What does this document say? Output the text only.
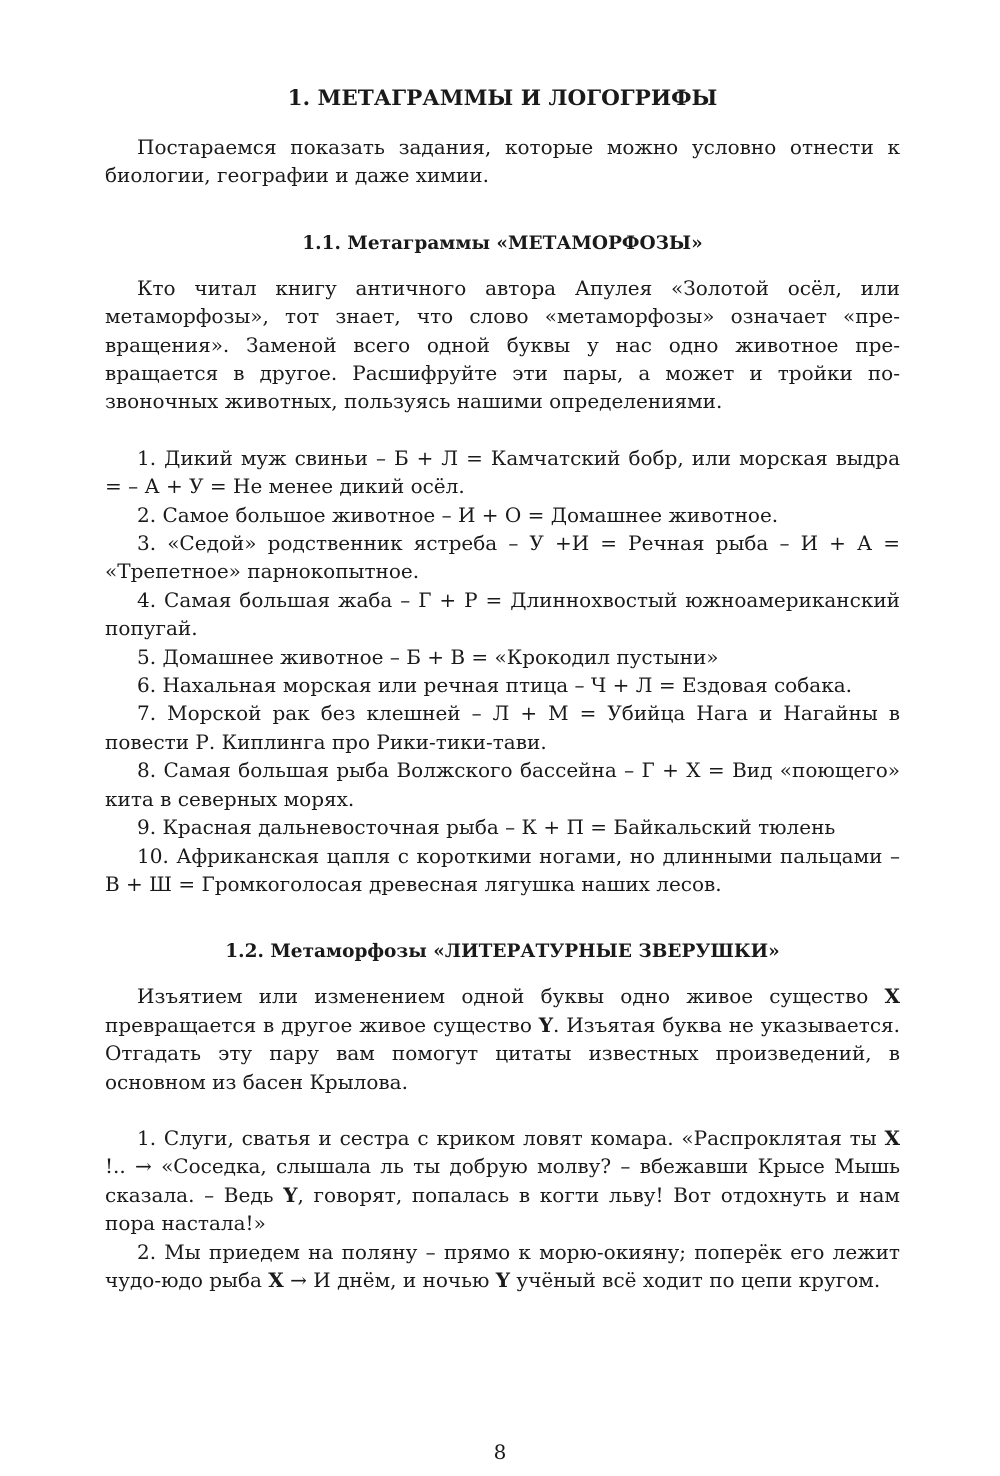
1. МЕТАГРАММЫ И ЛОГОГРИФЫ

Постараемся показать задания, которые можно условно отнести к биологии, географии и даже химии.

1.1. Метаграммы «МЕТАМОРФОЗЫ»

Кто читал книгу античного автора Апулея «Золотой осёл, или метаморфозы», тот знает, что слово «метаморфозы» означает «превращения». Заменой всего одной буквы у нас одно животное превращается в другое. Расшифруйте эти пары, а может и тройки позвоночных животных, пользуясь нашими определениями.

1. Дикий муж свиньи – Б + Л = Камчатский бобр, или морская выдра = – А + У = Не менее дикий осёл.

2. Самое большое животное – И + О = Домашнее животное.

3. «Седой» родственник ястреба – У +И = Речная рыба – И + А = «Трепетное» парнокопытное.

4. Самая большая жаба – Г + Р = Длиннохвостый южноамериканский попугай.

5. Домашнее животное – Б + В = «Крокодил пустыни»

6. Нахальная морская или речная птица – Ч + Л = Ездовая собака.

7. Морской рак без клешней – Л + М = Убийца Нага и Нагайны в повести Р. Киплинга про Рики-тики-тави.

8. Самая большая рыба Волжского бассейна – Г + Х = Вид «поющего» кита в северных морях.

9. Красная дальневосточная рыба – К + П = Байкальский тюлень

10. Африканская цапля с короткими ногами, но длинными пальцами – В + Ш = Громкоголосая древесная лягушка наших лесов.

1.2. Метаморфозы «ЛИТЕРАТУРНЫЕ ЗВЕРУШКИ»

Изъятием или изменением одной буквы одно живое существо X превращается в другое живое существо Y. Изъятая буква не указывается. Отгадать эту пару вам помогут цитаты известных произведений, в основном из басен Крылова.

1. Слуги, сватья и сестра с криком ловят комара. «Распроклятая ты X !.. → «Соседка, слышала ль ты добрую молву? – вбежавши Крысе Мышь сказала. – Ведь Y, говорят, попалась в когти льву! Вот отдохнуть и нам пора настала!»

2. Мы приедем на поляну – прямо к морю-окияну; поперёк его лежит чудо-юдо рыба X → И днём, и ночью Y учёный всё ходит по цепи кругом.

8
